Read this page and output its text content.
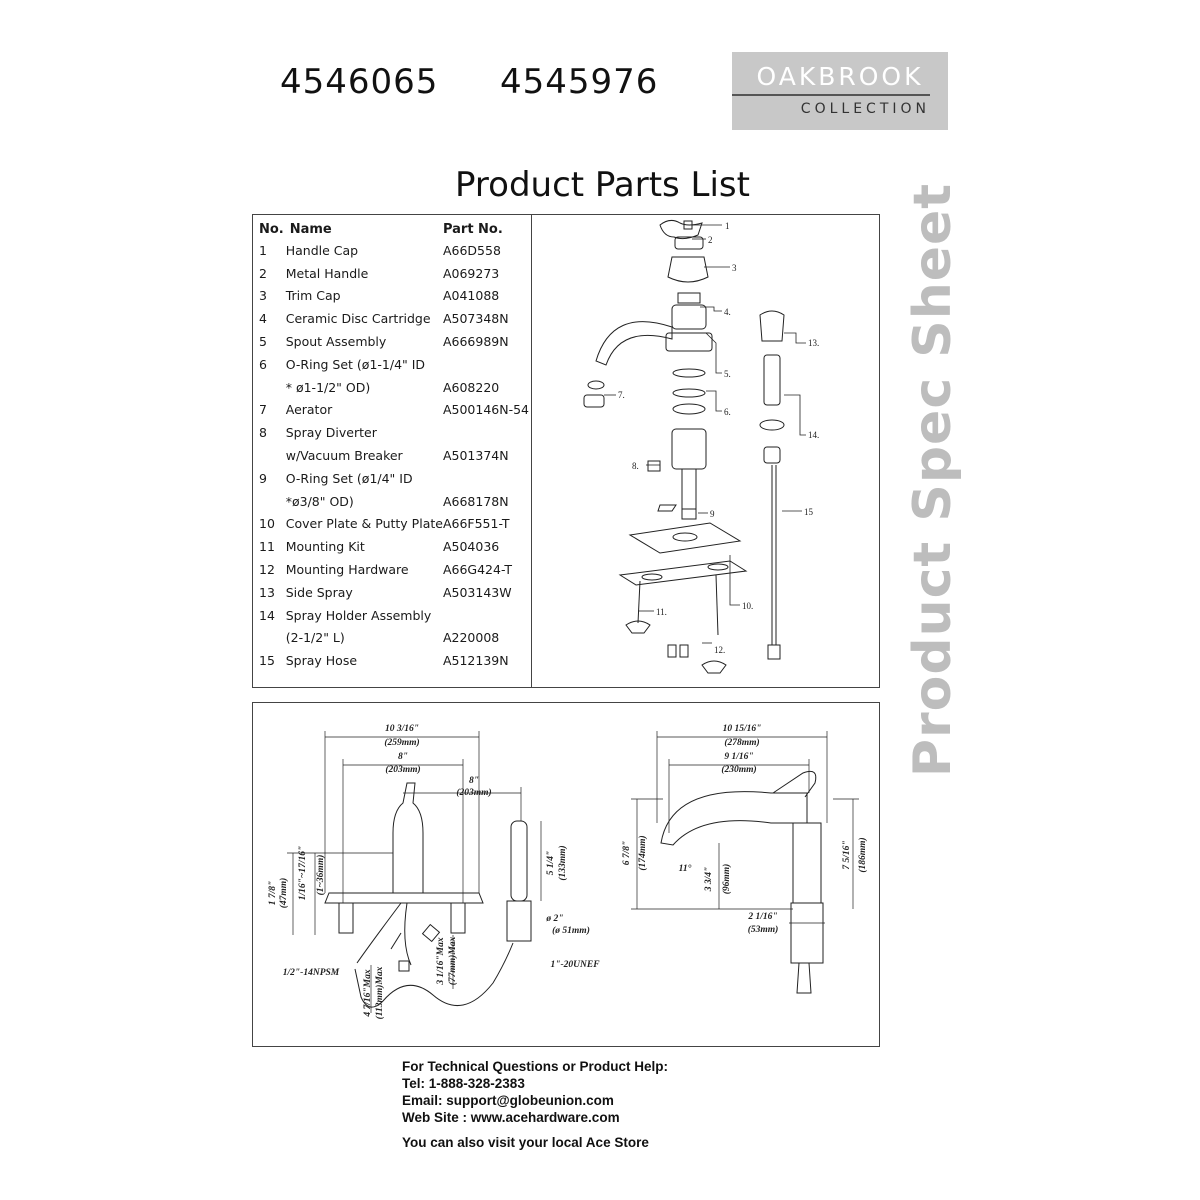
4546065 4545976	OAKBROOK
COLLECTION
Product Parts List	Product Spec Sheet
No.	Name	Part No.
1	Handle Cap	A66D558
2	Metal Handle	A069273
3	Trim Cap	A041088
4	Ceramic Disc Cartridge	A507348N
5	Spout Assembly	A666989N
6	O-Ring Set (ø1-1/4" ID	
	* ø1-1/2" OD)	A608220
7	Aerator	A500146N-54
8	Spray Diverter	
	w/Vacuum Breaker	A501374N
9	O-Ring Set (ø1/4" ID	
	*ø3/8" OD)	A668178N
10	Cover Plate & Putty Plate	A66F551-T
11	Mounting Kit	A504036
12	Mounting Hardware	A66G424-T
13	Side Spray	A503143W
14	Spray Holder Assembly	
	(2-1/2" L)	A220008
15	Spray Hose	A512139N
1
2
3
4.
5.
6.
7.
8.
9
10.
11.
12.
13.
14.
15
10 3/16"
(259mm)
8"
(203mm)
8"
(203mm)
ø 2"
(ø 51mm)
1/2"-14NPSM
1"-20UNEF
1 7/8" (47mm) 1/16"~17/16" (1~36mm)	5 1/4" (133mm)
4 7/16"Max (113mm)Max
3 1/16"Max (77mm)Max
10 15/16"
(278mm)
9 1/16"
(230mm)
11°
2 1/16"
(53mm)
6 7/8" (174mm)
3 3/4" (96mm)
7 5/16" (186mm)
For Technical Questions or Product Help:
Tel: 1-888-328-2383
Email: support@globeunion.com
Web Site : www.acehardware.com
You can also visit your local Ace Store
